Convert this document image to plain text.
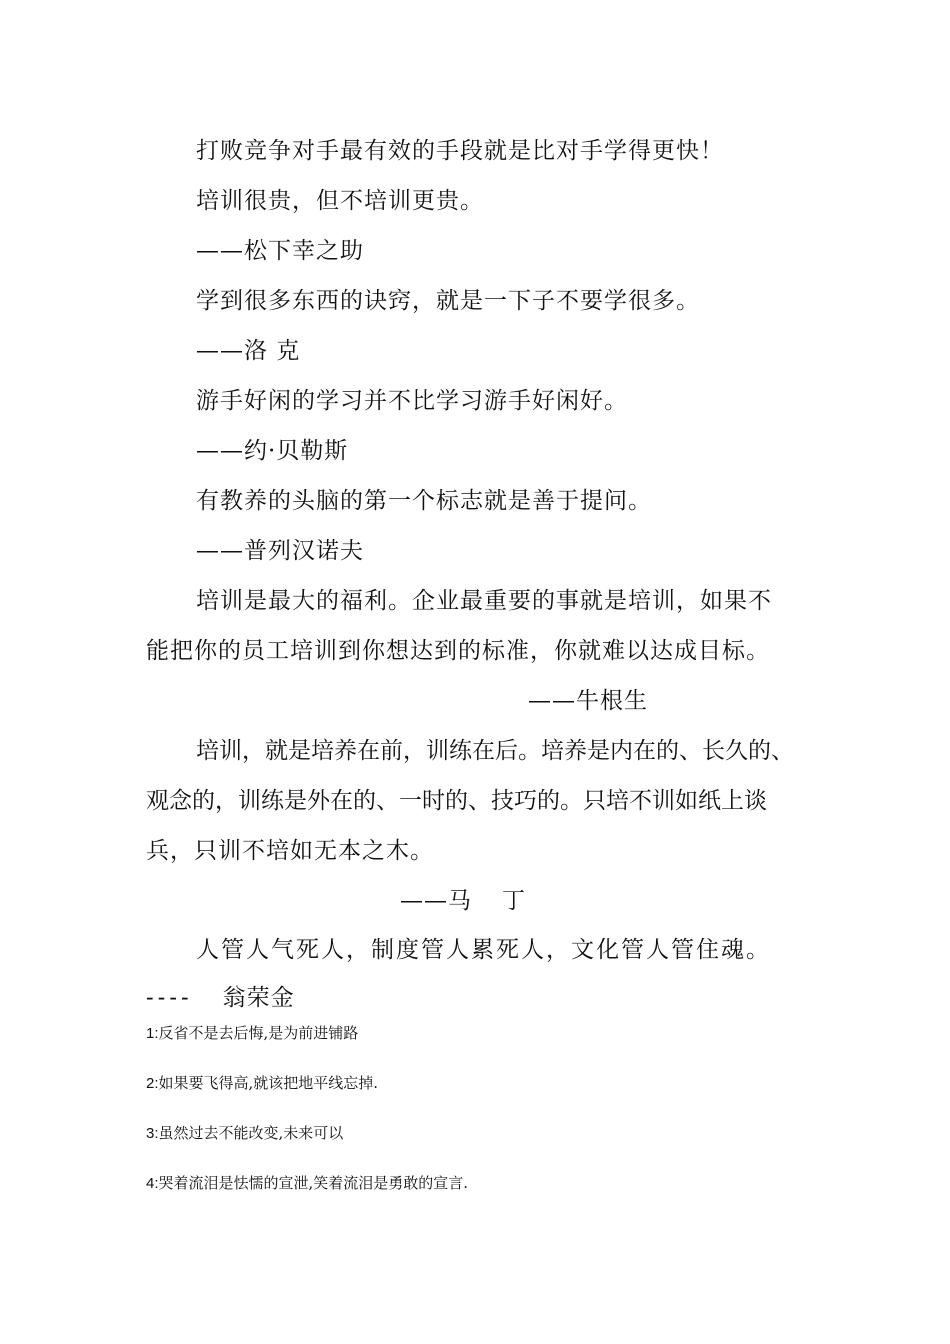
打败竞争对手最有效的手段就是比对手学得更快！
培训很贵，但不培训更贵。
——松下幸之助
学到很多东西的诀窍，就是一下子不要学很多。
——洛 克
游手好闲的学习并不比学习游手好闲好。
——约·贝勒斯
有教养的头脑的第一个标志就是善于提问。
——普列汉诺夫
培训是最大的福利。企业最重要的事就是培训，如果不
能把你的员工培训到你想达到的标准，你就难以达成目标。
——牛根生
培训，就是培养在前，训练在后。培养是内在的、长久的、
观念的，训练是外在的、一时的、技巧的。只培不训如纸上谈
兵，只训不培如无本之木。
——马 丁
人管人气死人，制度管人累死人，文化管人管住魂。
---- 翁荣金
1:反省不是去后悔,是为前进铺路
2:如果要飞得高,就该把地平线忘掉.
3:虽然过去不能改变,未来可以
4:哭着流泪是怯懦的宣泄,笑着流泪是勇敢的宣言.
